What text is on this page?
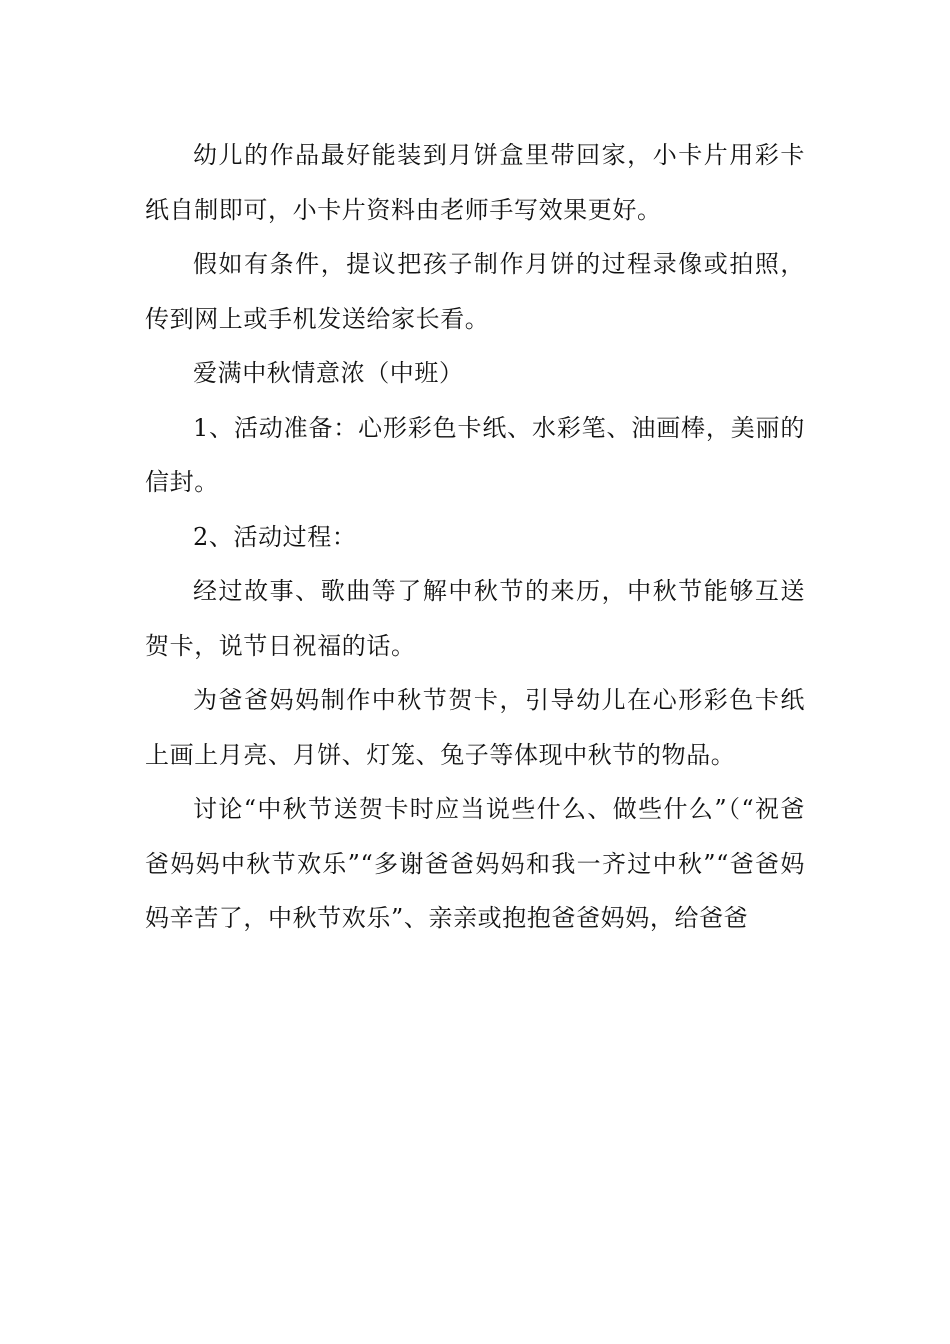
幼儿的作品最好能装到月饼盒里带回家，小卡片用彩卡纸自制即可，小卡片资料由老师手写效果更好。

假如有条件，提议把孩子制作月饼的过程录像或拍照，传到网上或手机发送给家长看。

爱满中秋情意浓（中班）

1、活动准备：心形彩色卡纸、水彩笔、油画棒，美丽的信封。

2、活动过程：

经过故事、歌曲等了解中秋节的来历，中秋节能够互送贺卡，说节日祝福的话。

为爸爸妈妈制作中秋节贺卡，引导幼儿在心形彩色卡纸上画上月亮、月饼、灯笼、兔子等体现中秋节的物品。

讨论“中秋节送贺卡时应当说些什么、做些什么”（“祝爸爸妈妈中秋节欢乐”“多谢爸爸妈妈和我一齐过中秋”“爸爸妈妈辛苦了，中秋节欢乐”、亲亲或抱抱爸爸妈妈，给爸爸
